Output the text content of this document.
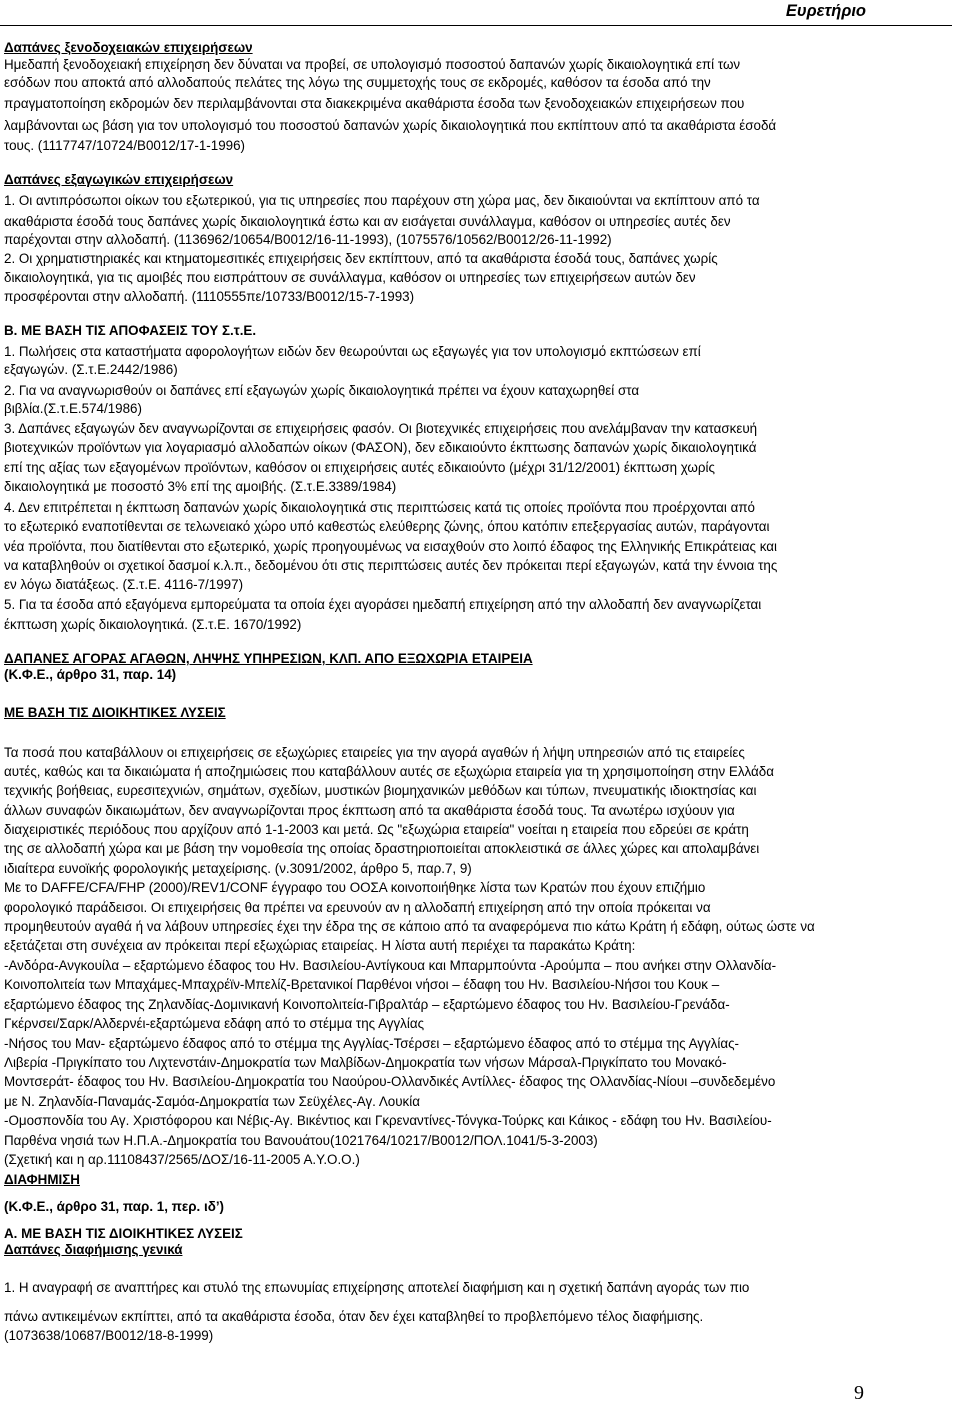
Ευρετήριο
Δαπάνες ξενοδοχειακών επιχειρήσεων
Ημεδαπή ξενοδοχειακή επιχείρηση δεν δύναται να προβεί, σε υπολογισμό ποσοστού δαπανών χωρίς δικαιολογητικά επί των
εσόδων που αποκτά από αλλοδαπούς πελάτες της λόγω της συμμετοχής τους σε εκδρομές, καθόσον τα έσοδα από την
πραγματοποίηση εκδρομών δεν περιλαμβάνονται στα διακεκριμένα ακαθάριστα έσοδα των ξενοδοχειακών επιχειρήσεων που
λαμβάνονται ως βάση για τον υπολογισμό του ποσοστού δαπανών χωρίς δικαιολογητικά που εκπίπτουν από τα ακαθάριστα έσοδά
τους. (1117747/10724/Β0012/17-1-1996)
Δαπάνες εξαγωγικών επιχειρήσεων
1. Οι αντιπρόσωποι οίκων του εξωτερικού, για τις υπηρεσίες που παρέχουν στη χώρα μας, δεν δικαιούνται να εκπίπτουν από τα
ακαθάριστα έσοδά τους δαπάνες χωρίς δικαιολογητικά έστω και αν εισάγεται συνάλλαγμα, καθόσον οι υπηρεσίες αυτές δεν
παρέχονται στην αλλοδαπή. (1136962/10654/Β0012/16-11-1993), (1075576/10562/Β0012/26-11-1992)
2. Οι χρηματιστηριακές και κτηματομεσιτικές επιχειρήσεις δεν εκπίπτουν, από τα ακαθάριστα έσοδά τους, δαπάνες χωρίς
δικαιολογητικά, για τις αμοιβές που εισπράττουν σε συνάλλαγμα, καθόσον οι υπηρεσίες των επιχειρήσεων αυτών δεν
προσφέρονται στην αλλοδαπή. (1110555πε/10733/Β0012/15-7-1993)
Β. ΜΕ ΒΑΣΗ ΤΙΣ ΑΠΟΦΑΣΕΙΣ ΤΟΥ Σ.τ.Ε.
1. Πωλήσεις στα καταστήματα αφορολογήτων ειδών δεν θεωρούνται ως εξαγωγές για τον υπολογισμό εκπτώσεων επί
εξαγωγών. (Σ.τ.Ε.2442/1986)
2. Για να αναγνωρισθούν οι δαπάνες επί εξαγωγών χωρίς δικαιολογητικά πρέπει να έχουν καταχωρηθεί στα
βιβλία.(Σ.τ.Ε.574/1986)
3. Δαπάνες εξαγωγών δεν αναγνωρίζονται σε επιχειρήσεις φασόν. Οι βιοτεχνικές επιχειρήσεις που ανελάμβαναν την κατασκευή
βιοτεχνικών προϊόντων για λογαριασμό αλλοδαπών οίκων (ΦΑΣΟΝ), δεν εδικαιούντο έκπτωσης δαπανών χωρίς δικαιολογητικά
επί της αξίας των εξαγομένων προϊόντων, καθόσον οι επιχειρήσεις αυτές εδικαιούντο (μέχρι 31/12/2001) έκπτωση χωρίς
δικαιολογητικά με ποσοστό 3% επί της αμοιβής. (Σ.τ.Ε.3389/1984)
4. Δεν επιτρέπεται η έκπτωση δαπανών χωρίς δικαιολογητικά στις περιπτώσεις κατά τις οποίες προϊόντα που προέρχονται από
το εξωτερικό εναποτίθενται σε τελωνειακό χώρο υπό καθεστώς ελεύθερης ζώνης, όπου κατόπιν επεξεργασίας αυτών, παράγονται
νέα προϊόντα, που διατίθενται στο εξωτερικό, χωρίς προηγουμένως να εισαχθούν στο λοιπό έδαφος της Ελληνικής Επικράτειας και
να καταβληθούν οι σχετικοί δασμοί κ.λ.π., δεδομένου ότι στις περιπτώσεις αυτές δεν πρόκειται περί εξαγωγών, κατά την έννοια της
εν λόγω διατάξεως. (Σ.τ.Ε. 4116-7/1997)
5. Για τα έσοδα από εξαγόμενα εμπορεύματα τα οποία έχει αγοράσει ημεδαπή επιχείρηση από την αλλοδαπή δεν αναγνωρίζεται
έκπτωση χωρίς δικαιολογητικά. (Σ.τ.Ε. 1670/1992)
ΔΑΠΑΝΕΣ ΑΓΟΡΑΣ ΑΓΑΘΩΝ, ΛΗΨΗΣ ΥΠΗΡΕΣΙΩΝ, ΚΛΠ. ΑΠΟ ΕΞΩΧΩΡΙΑ ΕΤΑΙΡΕΙΑ
(Κ.Φ.Ε., άρθρο 31, παρ. 14)
ΜΕ ΒΑΣΗ ΤΙΣ ΔΙΟΙΚΗΤΙΚΕΣ ΛΥΣΕΙΣ
Τα ποσά που καταβάλλουν οι επιχειρήσεις σε εξωχώριες εταιρείες για την αγορά αγαθών ή λήψη υπηρεσιών από τις εταιρείες
αυτές, καθώς και τα δικαιώματα ή αποζημιώσεις που καταβάλλουν αυτές σε εξωχώρια εταιρεία για τη χρησιμοποίηση στην Ελλάδα
τεχνικής βοήθειας, ευρεσιτεχνιών, σημάτων, σχεδίων, μυστικών βιομηχανικών μεθόδων και τύπων, πνευματικής ιδιοκτησίας και
άλλων συναφών δικαιωμάτων, δεν αναγνωρίζονται προς έκπτωση από τα ακαθάριστα έσοδά τους. Τα ανωτέρω ισχύουν για
διαχειριστικές περιόδους που αρχίζουν από 1-1-2003 και μετά. Ως "εξωχώρια εταιρεία" νοείται η εταιρεία που εδρεύει σε κράτη
της σε αλλοδαπή χώρα και με βάση την νομοθεσία της οποίας δραστηριοποιείται αποκλειστικά σε άλλες χώρες και απολαμβάνει
ιδιαίτερα ευνοϊκής φορολογικής μεταχείρισης. (ν.3091/2002, άρθρο 5, παρ.7, 9)
Με το DAFFE/CFA/FHP (2000)/REV1/CONF έγγραφο του ΟΟΣΑ κοινοποιήθηκε λίστα των Κρατών που έχουν επιζήμιο
φορολογικό παράδεισοι. Οι επιχειρήσεις θα πρέπει να ερευνούν αν η αλλοδαπή επιχείρηση από την οποία πρόκειται να
προμηθευτούν αγαθά ή να λάβουν υπηρεσίες έχει την έδρα της σε κάποιο από τα αναφερόμενα πιο κάτω Κράτη ή εδάφη, ούτως ώστε να
εξετάζεται στη συνέχεια αν πρόκειται περί εξωχώριας εταιρείας. Η λίστα αυτή περιέχει τα παρακάτω Κράτη:
-Ανδόρα-Ανγκουίλα – εξαρτώμενο έδαφος του Ην. Βασιλείου-Αντίγκουα και Μπαρμπούντα -Αρούμπα – που ανήκει στην Ολλανδία-
Κοινοπολιτεία των Μπαχάμες-Μπαχρέϊν-Μπελίζ-Βρετανικοί Παρθένοι νήσοι – έδαφη του Ην. Βασιλείου-Νήσοι του Κουκ –
εξαρτώμενο έδαφος της Ζηλανδίας-Δομινικανή Κοινοπολιτεία-Γιβραλτάρ – εξαρτώμενο έδαφος του Ην. Βασιλείου-Γρενάδα-
Γκέρνσει/Σαρκ/Αλδερνέι-εξαρτώμενα εδάφη από το στέμμα της Αγγλίας
-Νήσος του Μαν- εξαρτώμενο έδαφος από το στέμμα της Αγγλίας-Τσέρσει – εξαρτώμενο έδαφος από το στέμμα της Αγγλίας-
Λιβερία -Πριγκίπατο του Λιχτενστάιν-Δημοκρατία των Μαλβίδων-Δημοκρατία των νήσων Μάρσαλ-Πριγκίπατο του Μονακό-
Μοντσεράτ- έδαφος του Ην. Βασιλείου-Δημοκρατία του Ναούρου-Ολλανδικές Αντίλλες- έδαφος της Ολλανδίας-Νίουι –συνδεδεμένο
με Ν. Ζηλανδία-Παναμάς-Σαμόα-Δημοκρατία των Σεϋχέλες-Αγ. Λουκία
-Ομοσπονδία του Αγ. Χριστόφορου και Νέβις-Αγ. Βικέντιος και Γκρεναντίνες-Τόνγκα-Τούρκς και Κάικος - εδάφη του Ην. Βασιλείου-
Παρθένα νησιά των Η.Π.Α.-Δημοκρατία του Βανουάτου(1021764/10217/Β0012/ΠΟΛ.1041/5-3-2003)
(Σχετική και η αρ.11108437/2565/ΔΟΣ/16-11-2005 Α.Υ.Ο.Ο.)
ΔΙΑΦΗΜΙΣΗ
(Κ.Φ.Ε., άρθρο 31, παρ. 1, περ. ιδ’)
Α. ΜΕ ΒΑΣΗ ΤΙΣ ΔΙΟΙΚΗΤΙΚΕΣ ΛΥΣΕΙΣ
Δαπάνες διαφήμισης γενικά
1. Η αναγραφή σε αναπτήρες και στυλό της επωνυμίας επιχείρησης αποτελεί διαφήμιση και η σχετική δαπάνη αγοράς των πιο
πάνω αντικειμένων εκπίπτει, από τα ακαθάριστα έσοδα, όταν δεν έχει καταβληθεί το προβλεπόμενο τέλος διαφήμισης.
(1073638/10687/Β0012/18-8-1999)
9
